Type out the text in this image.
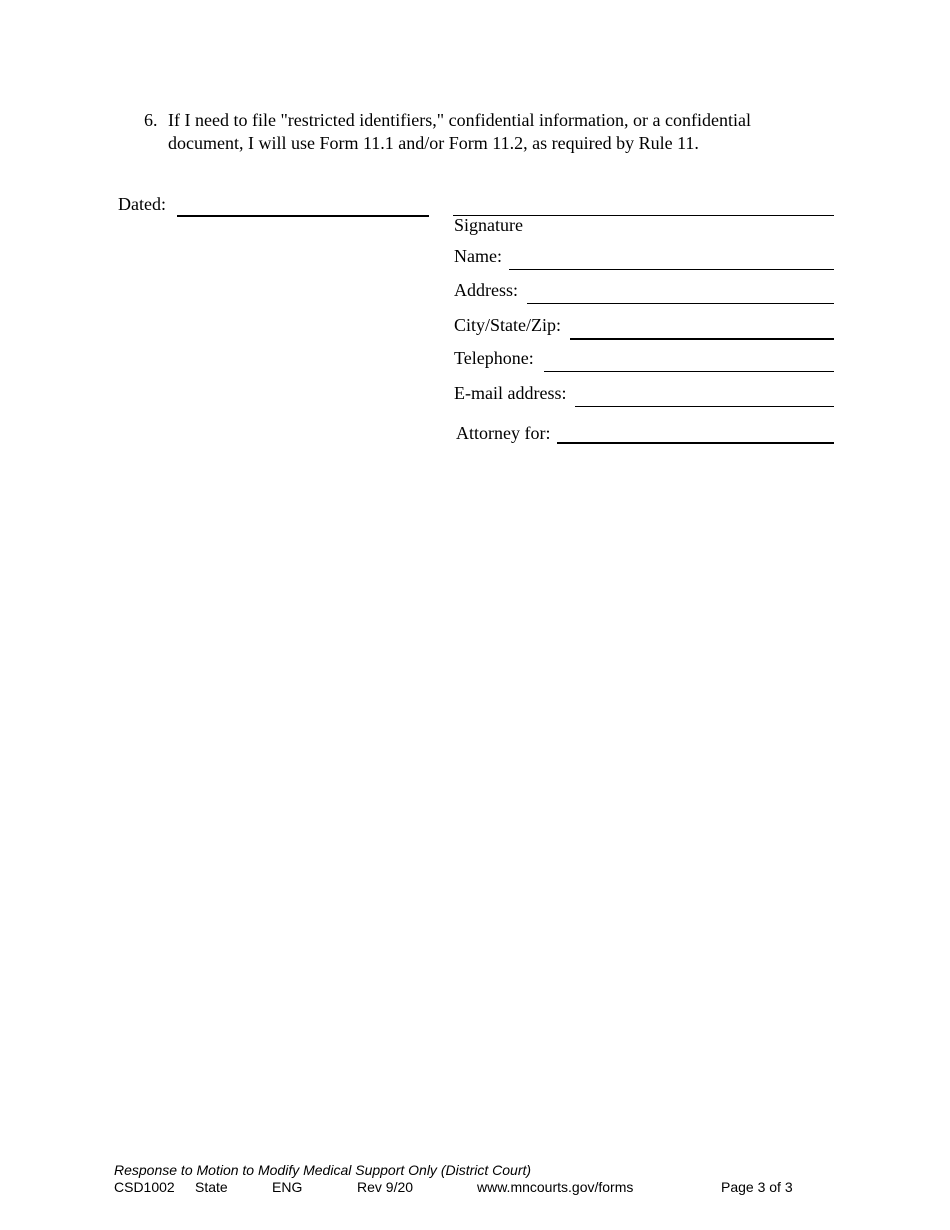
6. If I need to file "restricted identifiers," confidential information, or a confidential
document, I will use Form 11.1 and/or Form 11.2, as required by Rule 11.
Dated:
Signature
Name:
Address:
City/State/Zip:
Telephone:
E-mail address:
Attorney for:
Response to Motion to Modify Medical Support Only (District Court)
CSD1002 State	ENG	Rev 9/20	www.mncourts.gov/forms	Page 3 of 3
